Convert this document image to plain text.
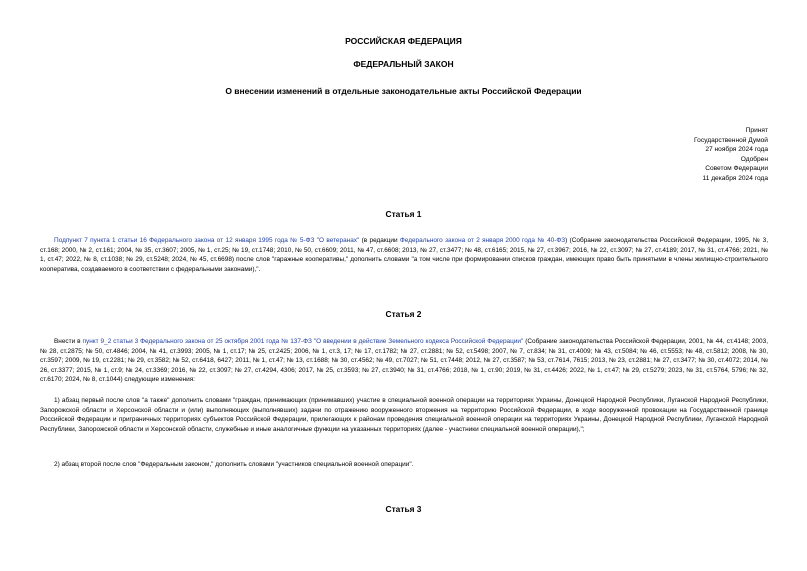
РОССИЙСКАЯ ФЕДЕРАЦИЯ
ФЕДЕРАЛЬНЫЙ ЗАКОН
О внесении изменений в отдельные законодательные акты Российской Федерации
Принят
Государственной Думой
27 ноября 2024 года
Одобрен
Советом Федерации
11 декабря 2024 года
Статья 1
Подпункт 7 пункта 1 статьи 16 Федерального закона от 12 января 1995 года № 5-ФЗ "О ветеранах" (в редакции Федерального закона от 2 января 2000 года № 40-ФЗ) (Собрание законодательства Российской Федерации, 1995, № 3, ст.168; 2000, № 2, ст.161; 2004, № 35, ст.3607; 2005, № 1, ст.25; № 19, ст.1748; 2010, № 50, ст.6609; 2011, № 47, ст.6608; 2013, № 27, ст.3477; № 48, ст.6165; 2015, № 27, ст.3967; 2016, № 22, ст.3097; № 27, ст.4189; 2017, № 31, ст.4766; 2021, № 1, ст.47; 2022, № 8, ст.1038; № 29, ст.5248; 2024, № 45, ст.6698) после слов "гаражные кооперативы," дополнить словами "а том числе при формировании списков граждан, имеющих право быть принятыми в члены жилищно-строительного кооператива, создаваемого в соответствии с федеральными законами),".
Статья 2
Внести в пункт 9_2 статьи 3 Федерального закона от 25 октября 2001 года № 137-ФЗ "О введении в действие Земельного кодекса Российской Федерации" (Собрание законодательства Российской Федерации, 2001, № 44, ст.4148; 2003, № 28, ст.2875; № 50, ст.4846; 2004, № 41, ст.3993; 2005, № 1, ст.17; № 25, ст.2425; 2006, № 1, ст.3, 17; № 17, ст.1782; № 27, ст.2881; № 52, ст.5498; 2007, № 7, ст.834; № 31, ст.4009; № 43, ст.5084; № 46, ст.5553; № 48, ст.5812; 2008, № 30, ст.3597; 2009, № 19, ст.2281; № 29, ст.3582; № 52, ст.6418, 6427; 2011, № 1, ст.47; № 13, ст.1688; № 30, ст.4562; № 49, ст.7027; № 51, ст.7448; 2012, № 27, ст.3587; № 53, ст.7614, 7615; 2013, № 23, ст.2881; № 27, ст.3477; № 30, ст.4072; 2014, № 26, ст.3377; 2015, № 1, ст.9; № 24, ст.3369; 2016, № 22, ст.3097; № 27, ст.4294, 4306; 2017, № 25, ст.3593; № 27, ст.3940; № 31, ст.4766; 2018, № 1, ст.90; 2019, № 31, ст.4426; 2022, № 1, ст.47; № 29, ст.5279; 2023, № 31, ст.5764, 5796; № 32, ст.6170; 2024, № 8, ст.1044) следующие изменения:
1) абзац первый после слов "а также" дополнить словами "граждан, принимающих (принимавших) участие в специальной военной операции на территориях Украины, Донецкой Народной Республики, Луганской Народной Республики, Запорожской области и Херсонской области и (или) выполняющих (выполнявших) задачи по отражению вооруженного вторжения на территорию Российской Федерации, в ходе вооруженной провокации на Государственной границе Российской Федерации и приграничных территориях субъектов Российской Федерации, прилегающих к районам проведения специальной военной операции на территориях Украины, Донецкой Народной Республики, Луганской Народной Республики, Запорожской области и Херсонской области, служебные и иные аналогичные функции на указанных территориях (далее - участники специальной военной операции),";
2) абзац второй после слов "Федеральным законом," дополнить словами "участников специальной военной операции".
Статья 3
